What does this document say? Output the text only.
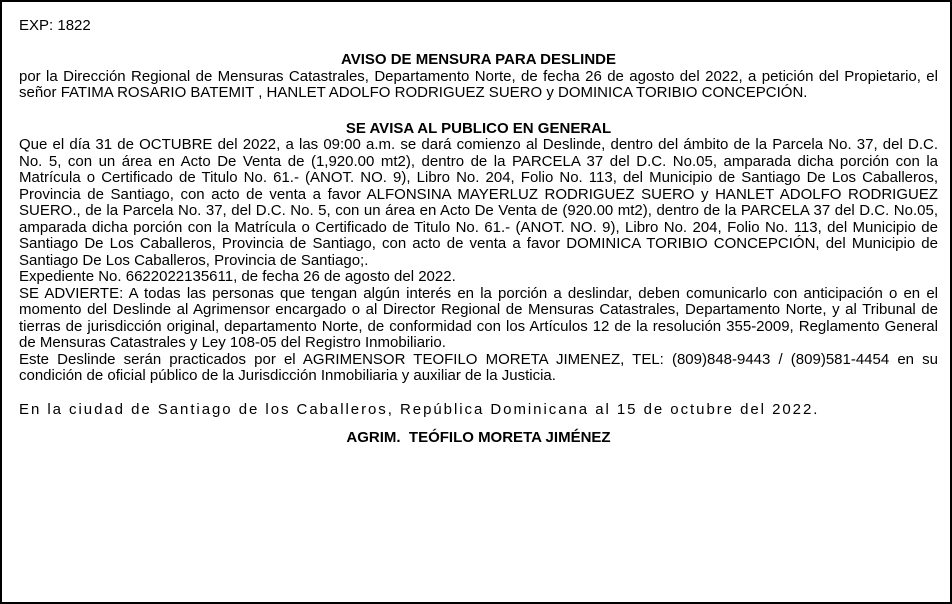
EXP: 1822

AVISO DE MENSURA PARA DESLINDE

por la Dirección Regional de Mensuras Catastrales, Departamento Norte, de fecha 26 de agosto del 2022, a petición del Propietario, el señor FATIMA ROSARIO BATEMIT , HANLET ADOLFO RODRIGUEZ SUERO y DOMINICA TORIBIO CONCEPCIÓN.

SE AVISA AL PUBLICO EN GENERAL

Que el día 31 de OCTUBRE del 2022, a las 09:00 a.m. se dará comienzo al Deslinde, dentro del ámbito de la Parcela No. 37, del D.C. No. 5, con un área en Acto De Venta de (1,920.00 mt2), dentro de la PARCELA 37 del D.C. No.05, amparada dicha porción con la Matrícula o Certificado de Titulo No. 61.- (ANOT. NO. 9), Libro No. 204, Folio No. 113, del Municipio de Santiago De Los Caballeros, Provincia de Santiago, con acto de venta a favor ALFONSINA MAYERLUZ RODRIGUEZ SUERO y HANLET ADOLFO RODRIGUEZ SUERO., de la Parcela No. 37, del D.C. No. 5, con un área en Acto De Venta de (920.00 mt2), dentro de la PARCELA 37 del D.C. No.05, amparada dicha porción con la Matrícula o Certificado de Titulo No. 61.- (ANOT. NO. 9), Libro No. 204, Folio No. 113, del Municipio de Santiago De Los Caballeros, Provincia de Santiago, con acto de venta a favor DOMINICA TORIBIO CONCEPCIÓN, del Municipio de Santiago De Los Caballeros, Provincia de Santiago;.

Expediente No. 6622022135611, de fecha 26 de agosto del 2022.

SE ADVIERTE: A todas las personas que tengan algún interés en la porción a deslindar, deben comunicarlo con anticipación o en el momento del Deslinde al Agrimensor encargado o al Director Regional de Mensuras Catastrales, Departamento Norte, y al Tribunal de tierras de jurisdicción original, departamento Norte, de conformidad con los Artículos 12 de la resolución 355-2009, Reglamento General de Mensuras Catastrales y Ley 108-05 del Registro Inmobiliario.

Este Deslinde serán practicados por el AGRIMENSOR TEOFILO MORETA JIMENEZ, TEL: (809)848-9443 / (809)581-4454 en su condición de oficial público de la Jurisdicción Inmobiliaria y auxiliar de la Justicia.

En la ciudad de Santiago de los Caballeros, República Dominicana al 15 de octubre del 2022.

AGRIM.  TEÓFILO MORETA JIMÉNEZ
